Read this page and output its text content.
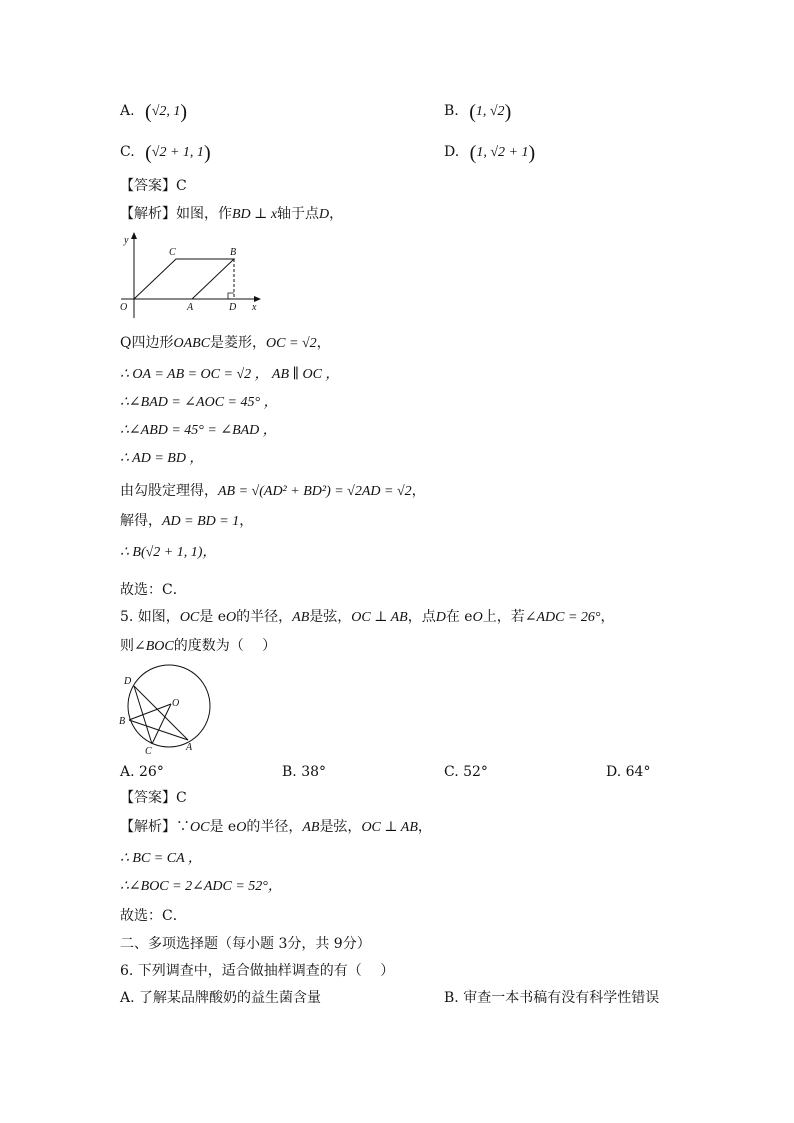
A. (√2, 1)	B. (1, √2)
C. (√2 + 1, 1)	D. (1, √2 + 1)
【答案】C
【解析】如图，作BD ⊥ x轴于点D，
y
O
C	B
A	D x
Q四边形OABC是菱形，OC = √2，
∴ OA = AB = OC = √2 ， AB ∥ OC ，
∴∠BAD = ∠AOC = 45° ，
∴∠ABD = 45° = ∠BAD ，
∴ AD = BD ，
由勾股定理得，AB = √(AD² + BD²) = √2AD = √2，
解得，AD = BD = 1，
∴ B(√2 + 1, 1)，
故选：C．
5. 如图，OC是 eO的半径，AB是弦，OC ⊥ AB，点D在 eO上，若∠ADC = 26°，
则∠BOC的度数为（　 ）
D
O
B
C	A
A. 26°	B. 38°	C. 52°	D. 64°
【答案】C
【解析】∵OC是 eO的半径，AB是弦，OC ⊥ AB，
∴ BC = CA ，
∴∠BOC = 2∠ADC = 52°，
故选：C．
二、多项选择题（每小题 3分，共 9分）
6. 下列调查中，适合做抽样调查的有（　 ）
A. 了解某品牌酸奶的益生菌含量	B. 审查一本书稿有没有科学性错误
